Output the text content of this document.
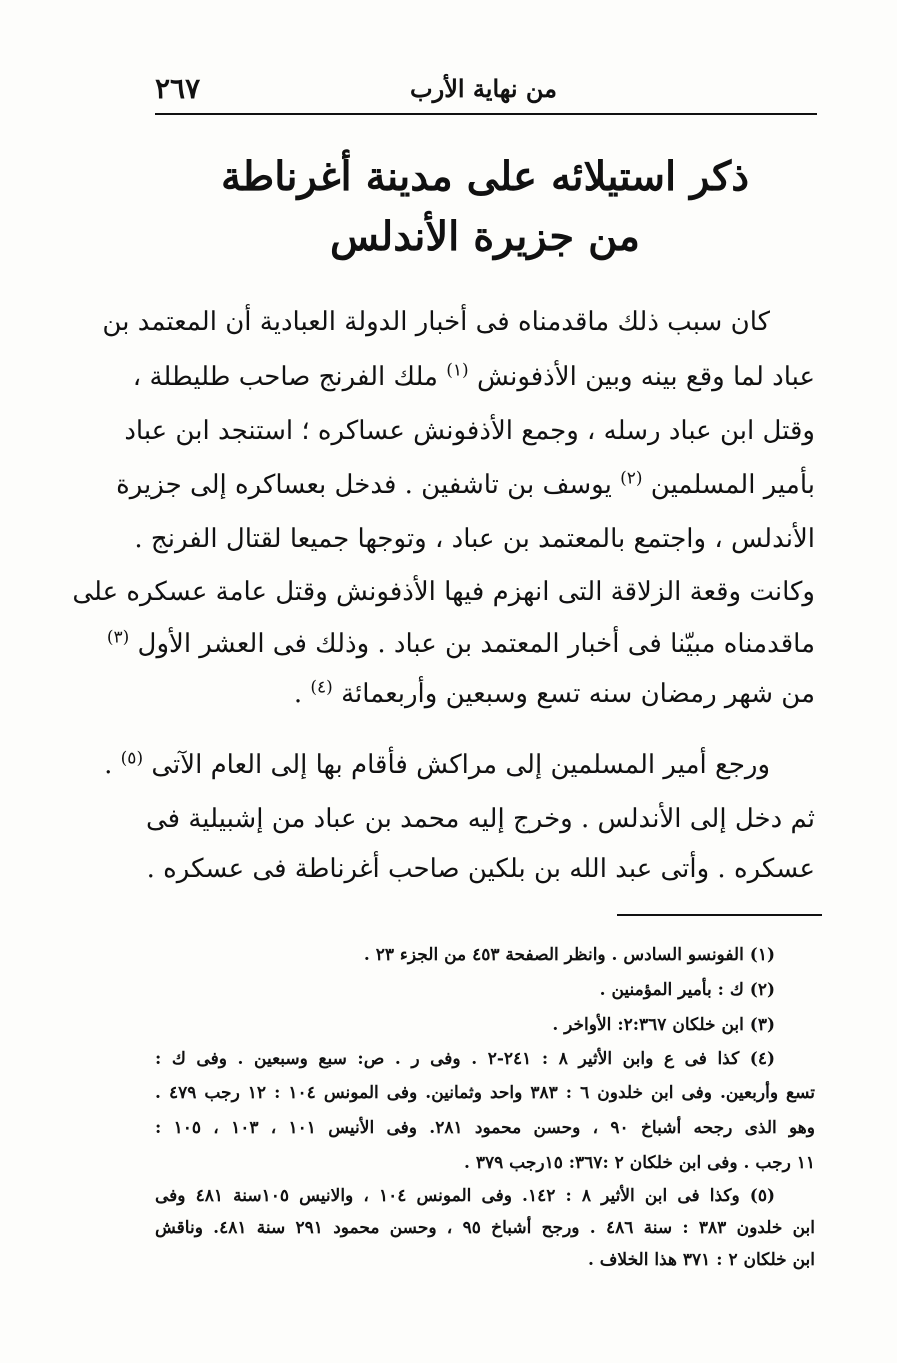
٢٦٧	من نهاية الأرب
ذكر استيلائه على مدينة أغرناطة
من جزيرة الأندلس
كان سبب ذلك ماقدمناه فى أخبار الدولة العبادية أن المعتمد بن
عباد لما وقع بينه وبين الأذفونش $^{(١)}$ ملك الفرنج صاحب طليطلة ،
وقتل ابن عباد رسله ، وجمع الأذفونش عساكره ؛ استنجد ابن عباد
بأمير المسلمين $^{(٢)}$ يوسف بن تاشفين . فدخل بعساكره إلى جزيرة
الأندلس ، واجتمع بالمعتمد بن عباد ، وتوجها جميعا لقتال الفرنج .
وكانت وقعة الزلاقة التى انهزم فيها الأذفونش وقتل عامة عسكره على
ماقدمناه مبيّنا فى أخبار المعتمد بن عباد . وذلك فى العشر الأول $^{(٣)}$
من شهر رمضان سنه تسع وسبعين وأربعمائة $^{(٤)}$ .
ورجع أمير المسلمين إلى مراكش فأقام بها إلى العام الآتى $^{(٥)}$ .
ثم دخل إلى الأندلس . وخرج إليه محمد بن عباد من إشبيلية فى
عسكره . وأتى عبد الله بن بلكين صاحب أغرناطة فى عسكره .
(١) الفونسو السادس . وانظر الصفحة ٤٥٣ من الجزء ٢٣ .
(٢) ك : بأمير المؤمنين .
(٣) ابن خلكان ٢:٣٦٧: الأواخر .
(٤) كذا فى ع وابن الأثير ٨ : ٢٤١-٢ . وفى ر . ص: سبع وسبعين . وفى ك :
تسع وأربعين. وفى ابن خلدون ٦ : ٣٨٣ واحد وثمانين. وفى المونس ١٠٤ : ١٢ رجب ٤٧٩ .
وهو الذى رجحه أشباخ ٩٠ ، وحسن محمود ٢٨١. وفى الأنيس ١٠١ ، ١٠٣ ، ١٠٥ :
١١ رجب . وفى ابن خلكان ٢ :٣٦٧: ١٥رجب ٣٧٩ .
(٥) وكذا فى ابن الأثير ٨ : ١٤٢. وفى المونس ١٠٤ ، والانيس ١٠٥سنة ٤٨١ وفى
ابن خلدون ٣٨٣ : سنة ٤٨٦ . ورجح أشباخ ٩٥ ، وحسن محمود ٢٩١ سنة ٤٨١. وناقش
ابن خلكان ٢ : ٣٧١ هذا الخلاف .
